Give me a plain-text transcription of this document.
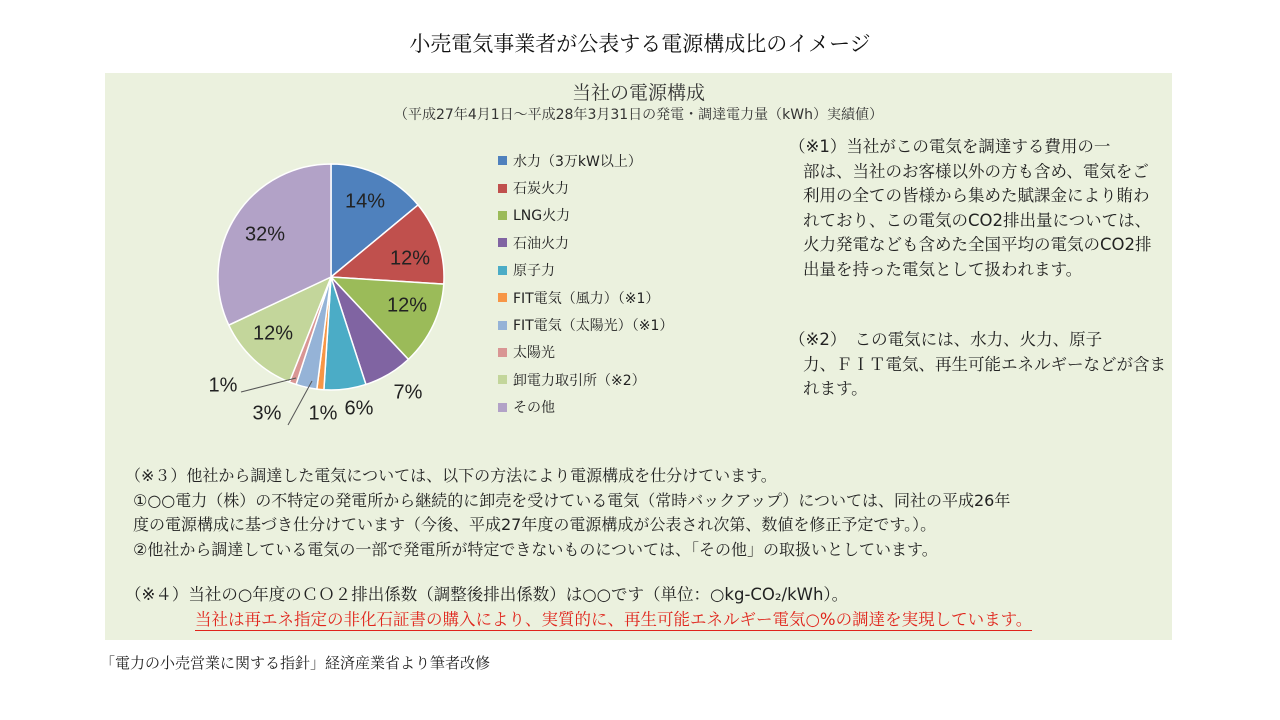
小売電気事業者が公表する電源構成比のイメージ
当社の電源構成
（平成27年4月1日～平成28年3月31日の発電・調達電力量（kWh）実績値）
14%
12%
12%
7%
6%
1%
3% 1%
12%
32%
水力（3万kW以上）
石炭火力
LNG火力
石油火力
原子力
FIT電気（風力）（※1）
FIT電気（太陽光）（※1）
太陽光
卸電力取引所（※2）
その他
（※1）当社がこの電気を調達する費用の一
部は、当社のお客様以外の方も含め、電気をご利用の全ての皆様から集めた賦課金により賄われており、この電気のCO2排出量については、火力発電なども含めた全国平均の電気のCO2排出量を持った電気として扱われます。
（※2）　この電気には、水力、火力、原子
力、ＦＩＴ電気、再生可能エネルギーなどが含まれます。
（※３）他社から調達した電気については、以下の方法により電源構成を仕分けています。
①○○電力（株）の不特定の発電所から継続的に卸売を受けている電気（常時バックアップ）については、同社の平成26年
度の電源構成に基づき仕分けています（今後、平成27年度の電源構成が公表され次第、数値を修正予定です。）。
②他社から調達している電気の一部で発電所が特定できないものについては、「その他」の取扱いとしています。
（※４）当社の○年度のＣＯ２排出係数（調整後排出係数）は○○です（単位：○kg-CO₂/kWh）。
当社は再エネ指定の非化石証書の購入により、実質的に、再生可能エネルギー電気○%の調達を実現しています。
「電力の小売営業に関する指針」経済産業省より筆者改修
